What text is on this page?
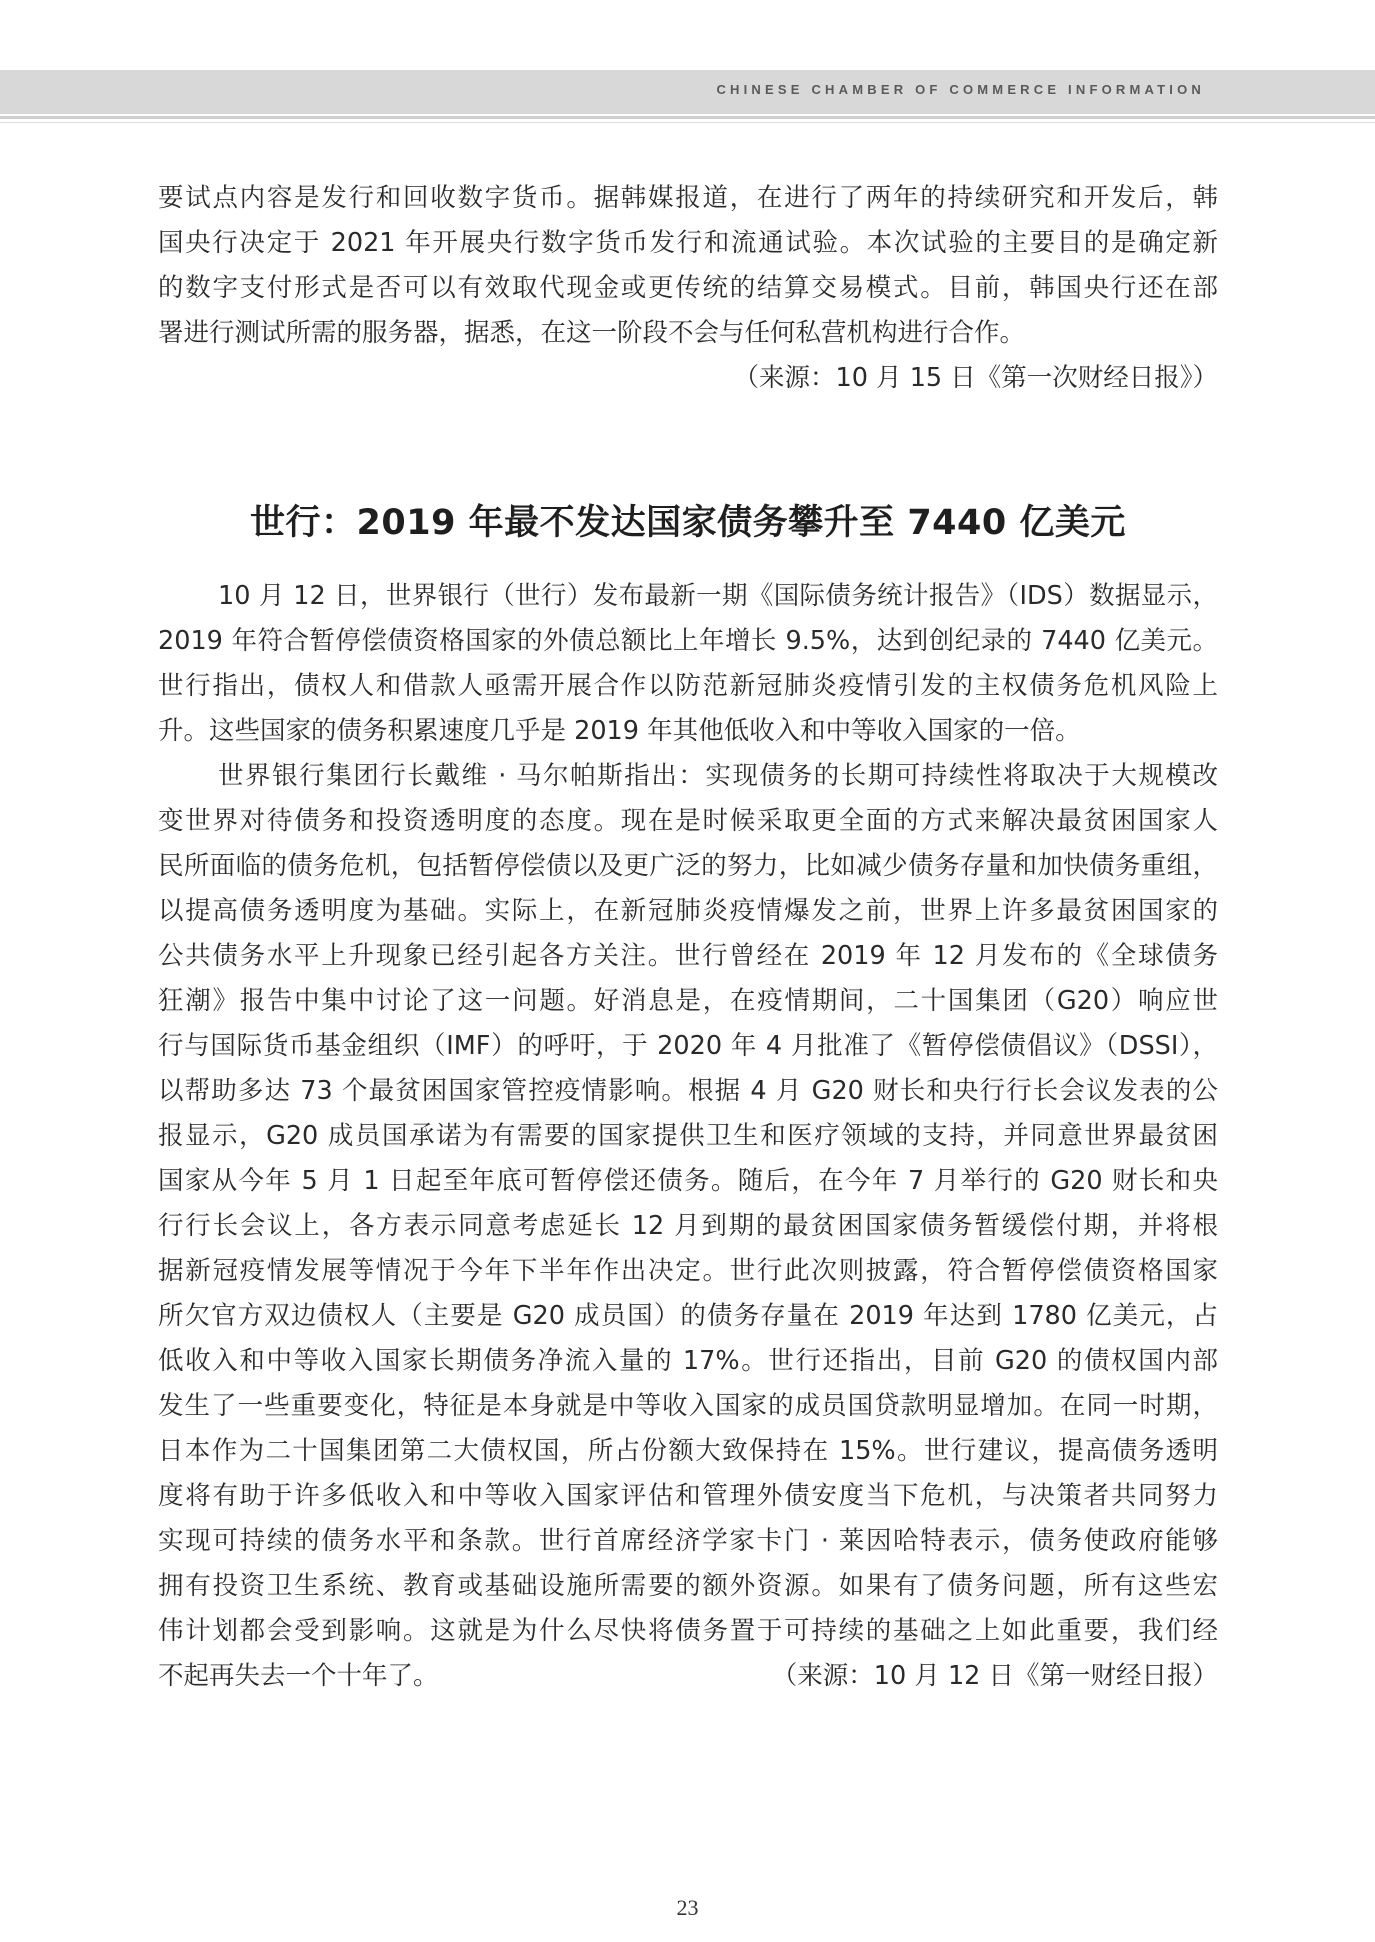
CHINESE CHAMBER OF COMMERCE INFORMATION
要试点内容是发行和回收数字货币。据韩媒报道，在进行了两年的持续研究和开发后，韩
国央行决定于 2021 年开展央行数字货币发行和流通试验。本次试验的主要目的是确定新
的数字支付形式是否可以有效取代现金或更传统的结算交易模式。目前，韩国央行还在部
署进行测试所需的服务器，据悉，在这一阶段不会与任何私营机构进行合作。
（来源：10 月 15 日《第一次财经日报》）
世行：2019 年最不发达国家债务攀升至 7440 亿美元
10 月 12 日，世界银行（世行）发布最新一期《国际债务统计报告》（IDS）数据显示，
2019 年符合暂停偿债资格国家的外债总额比上年增长 9.5%，达到创纪录的 7440 亿美元。
世行指出，债权人和借款人亟需开展合作以防范新冠肺炎疫情引发的主权债务危机风险上
升。这些国家的债务积累速度几乎是 2019 年其他低收入和中等收入国家的一倍。
世界银行集团行长戴维 · 马尔帕斯指出：实现债务的长期可持续性将取决于大规模改
变世界对待债务和投资透明度的态度。现在是时候采取更全面的方式来解决最贫困国家人
民所面临的债务危机，包括暂停偿债以及更广泛的努力，比如减少债务存量和加快债务重组，
以提高债务透明度为基础。实际上，在新冠肺炎疫情爆发之前，世界上许多最贫困国家的
公共债务水平上升现象已经引起各方关注。世行曾经在 2019 年 12 月发布的《全球债务
狂潮》报告中集中讨论了这一问题。好消息是，在疫情期间，二十国集团（G20）响应世
行与国际货币基金组织（IMF）的呼吁，于 2020 年 4 月批准了《暂停偿债倡议》（DSSI），
以帮助多达 73 个最贫困国家管控疫情影响。根据 4 月 G20 财长和央行行长会议发表的公
报显示，G20 成员国承诺为有需要的国家提供卫生和医疗领域的支持，并同意世界最贫困
国家从今年 5 月 1 日起至年底可暂停偿还债务。随后，在今年 7 月举行的 G20 财长和央
行行长会议上，各方表示同意考虑延长 12 月到期的最贫困国家债务暂缓偿付期，并将根
据新冠疫情发展等情况于今年下半年作出决定。世行此次则披露，符合暂停偿债资格国家
所欠官方双边债权人（主要是 G20 成员国）的债务存量在 2019 年达到 1780 亿美元，占
低收入和中等收入国家长期债务净流入量的 17%。世行还指出，目前 G20 的债权国内部
发生了一些重要变化，特征是本身就是中等收入国家的成员国贷款明显增加。在同一时期，
日本作为二十国集团第二大债权国，所占份额大致保持在 15%。世行建议，提高债务透明
度将有助于许多低收入和中等收入国家评估和管理外债安度当下危机，与决策者共同努力
实现可持续的债务水平和条款。世行首席经济学家卡门 · 莱因哈特表示，债务使政府能够
拥有投资卫生系统、教育或基础设施所需要的额外资源。如果有了债务问题，所有这些宏
伟计划都会受到影响。这就是为什么尽快将债务置于可持续的基础之上如此重要，我们经
不起再失去一个十年了。	（来源：10 月 12 日《第一财经日报）
23
